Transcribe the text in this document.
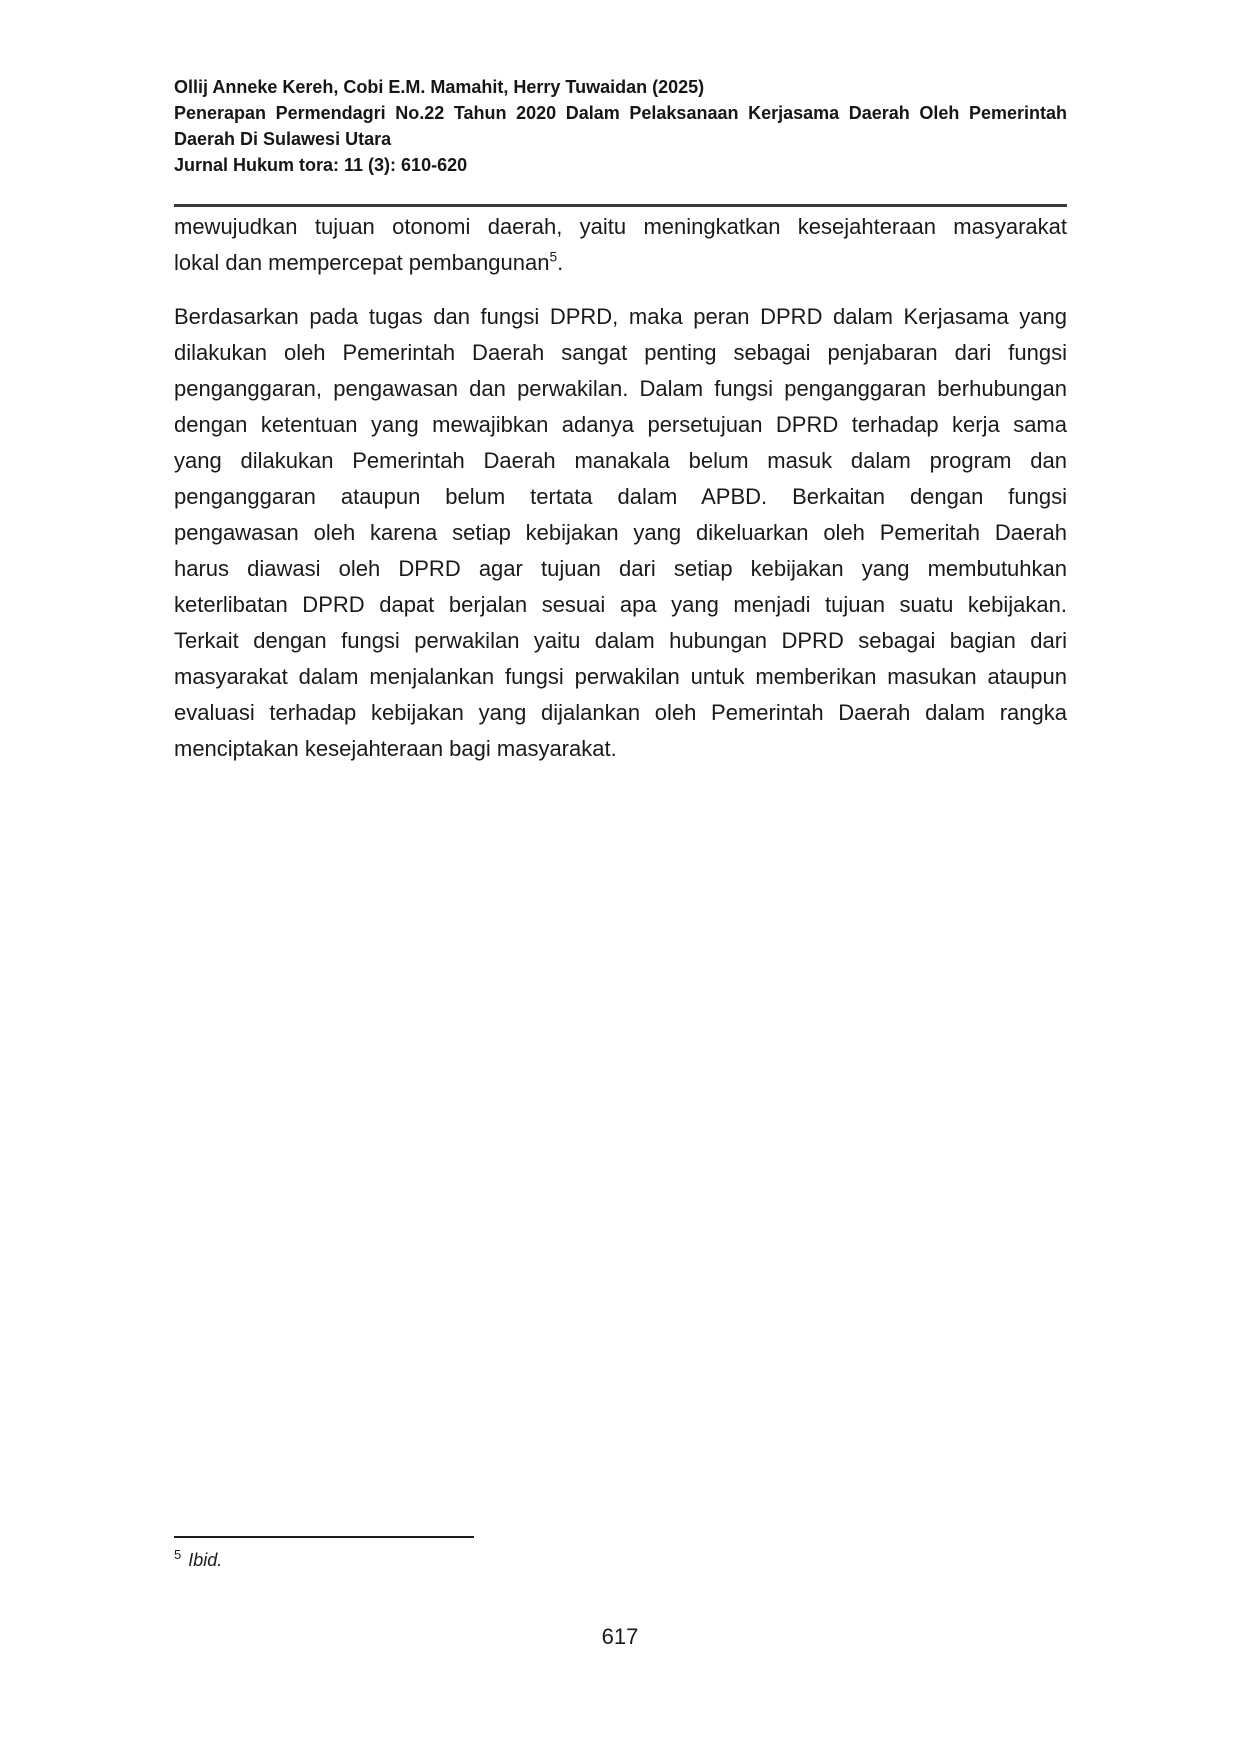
Ollij Anneke Kereh, Cobi E.M. Mamahit, Herry Tuwaidan (2025)
Penerapan Permendagri No.22 Tahun 2020 Dalam Pelaksanaan Kerjasama Daerah Oleh Pemerintah
Daerah Di Sulawesi Utara
Jurnal Hukum tora: 11 (3): 610-620
mewujudkan tujuan otonomi daerah, yaitu meningkatkan kesejahteraan masyarakat
lokal dan mempercepat pembangunan$^5$.
Berdasarkan pada tugas dan fungsi DPRD, maka peran DPRD dalam Kerjasama yang
dilakukan oleh Pemerintah Daerah sangat penting sebagai penjabaran dari fungsi
penganggaran, pengawasan dan perwakilan. Dalam fungsi penganggaran berhubungan
dengan ketentuan yang mewajibkan adanya persetujuan DPRD terhadap kerja sama
yang dilakukan Pemerintah Daerah manakala belum masuk dalam program dan
penganggaran ataupun belum tertata dalam APBD. Berkaitan dengan fungsi
pengawasan oleh karena setiap kebijakan yang dikeluarkan oleh Pemeritah Daerah
harus diawasi oleh DPRD agar tujuan dari setiap kebijakan yang membutuhkan
keterlibatan DPRD dapat berjalan sesuai apa yang menjadi tujuan suatu kebijakan.
Terkait dengan fungsi perwakilan yaitu dalam hubungan DPRD sebagai bagian dari
masyarakat dalam menjalankan fungsi perwakilan untuk memberikan masukan ataupun
evaluasi terhadap kebijakan yang dijalankan oleh Pemerintah Daerah dalam rangka
menciptakan kesejahteraan bagi masyarakat.
$^5$ Ibid.
617
